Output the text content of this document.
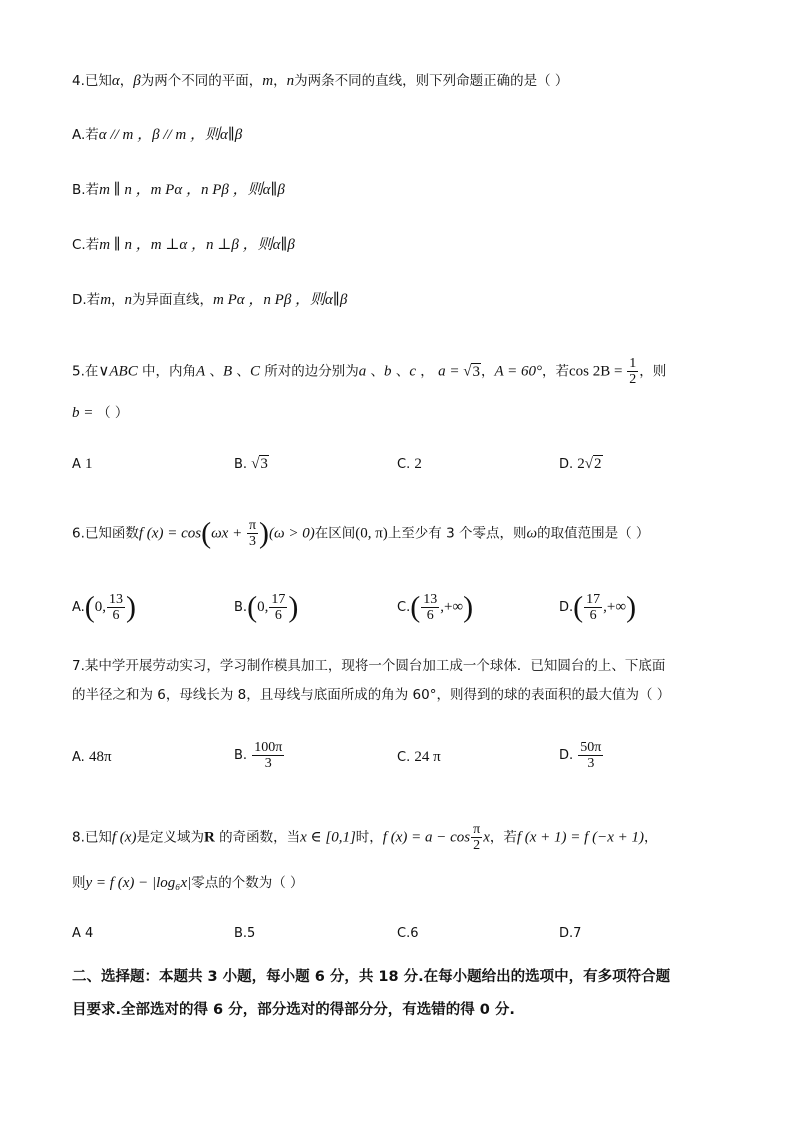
4.已知α，β为两个不同的平面，m，n为两条不同的直线，则下列命题正确的是（ ）
A.若α // m ，β // m ，则α∥β
B.若m ∥ n ，m Pα ，n Pβ ，则α∥β
C.若m ∥ n ，m ⊥α ，n ⊥β ，则α∥β
D.若m，n为异面直线，m Pα ，n Pβ ，则α∥β
5.在∨ABC 中，内角A 、B 、C 所对的边分别为a 、b 、c ， a = √3，A = 60°，若$\cos 2B = \frac{1}{2}$ ，则
b = （ ）
A 1	B. √3	C. 2	D. 2√2
6.已知函数f $(x) = \cos(\omega x + \frac{\pi}{3} )(\omega > 0)$在区间(0, π)上至少有 3 个零点，则ω的取值范围是（ ）
A.(0, $\frac{13}{6}$ )	B.(0, $\frac{17}{6}$ )	$C.( \frac{13}{6}$ ,+∞)	$D.( \frac{17}{6}$ ,+∞)
7.某中学开展劳动实习，学习制作模具加工，现将一个圆台加工成一个球体．已知圆台的上、下底面
的半径之和为 6，母线长为 8，且母线与底面所成的角为 60°，则得到的球的表面积的最大值为（ ）
A. 48π	B. $\frac{100\pi}{3}$	C. 24 π	D. $\frac{50\pi}{3}$
8.已知f (x)是定义域为R 的奇函数，当x ∈ [0,1]时，f $(x) = a - \cos \frac{\pi}{2}$ x，若f (x + 1) = f (−x + 1)，
则y = f (x) − |log₆x|零点的个数为（ ）
A 4	B.5	C.6	D.7
二、选择题：本题共 3 小题，每小题 6 分，共 18 分.在每小题给出的选项中，有多项符合题
目要求.全部选对的得 6 分，部分选对的得部分分，有选错的得 0 分.
